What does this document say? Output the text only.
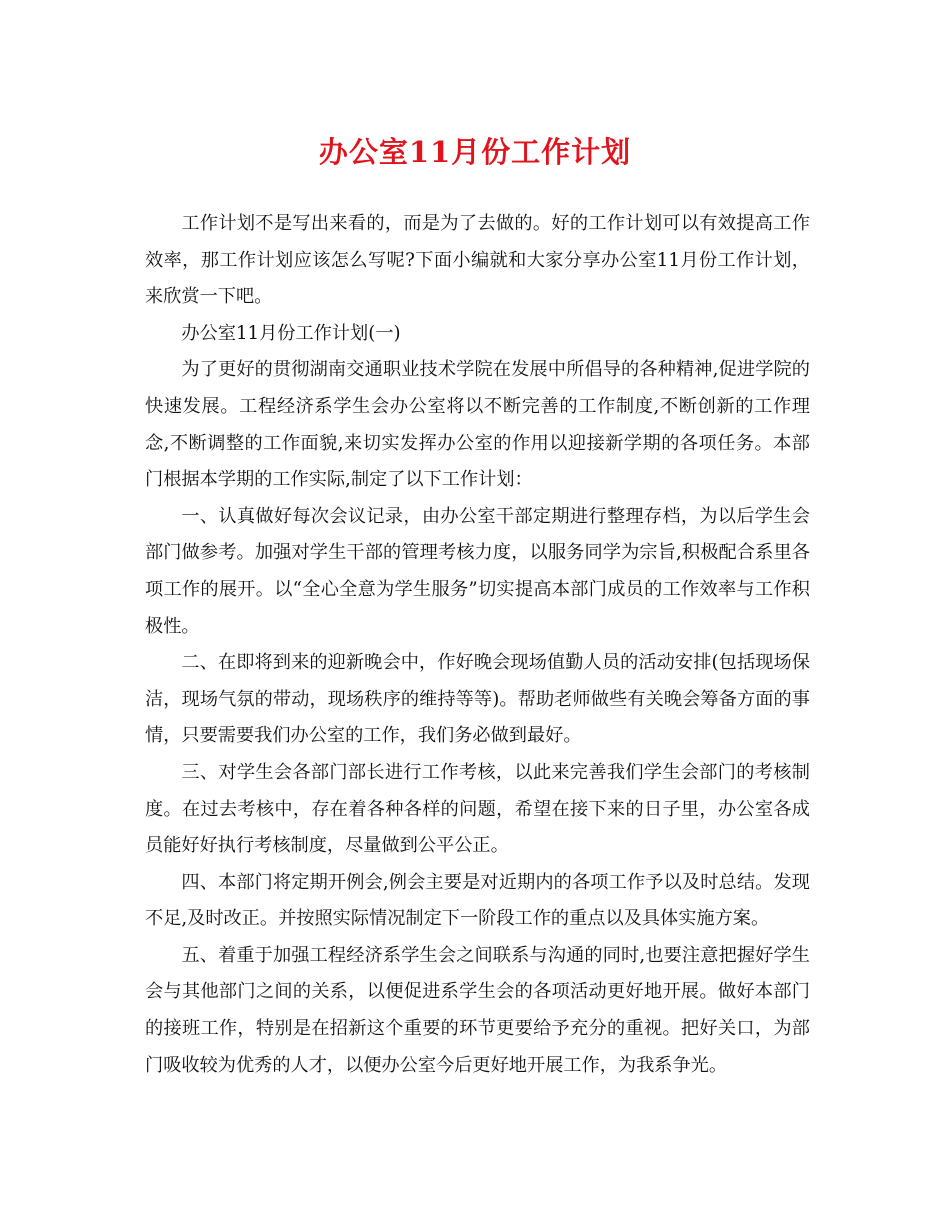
办公室11月份工作计划

工作计划不是写出来看的，而是为了去做的。好的工作计划可以有效提高工作效率，那工作计划应该怎么写呢?下面小编就和大家分享办公室11月份工作计划，来欣赏一下吧。

办公室11月份工作计划(一)

为了更好的贯彻湖南交通职业技术学院在发展中所倡导的各种精神,促进学院的快速发展。工程经济系学生会办公室将以不断完善的工作制度,不断创新的工作理念,不断调整的工作面貌,来切实发挥办公室的作用以迎接新学期的各项任务。本部门根据本学期的工作实际,制定了以下工作计划：

一、认真做好每次会议记录，由办公室干部定期进行整理存档，为以后学生会部门做参考。加强对学生干部的管理考核力度，以服务同学为宗旨,积极配合系里各项工作的展开。以“全心全意为学生服务”切实提高本部门成员的工作效率与工作积极性。

二、在即将到来的迎新晚会中，作好晚会现场值勤人员的活动安排(包括现场保洁，现场气氛的带动，现场秩序的维持等等)。帮助老师做些有关晚会筹备方面的事情，只要需要我们办公室的工作，我们务必做到最好。

三、对学生会各部门部长进行工作考核，以此来完善我们学生会部门的考核制度。在过去考核中，存在着各种各样的问题，希望在接下来的日子里，办公室各成员能好好执行考核制度，尽量做到公平公正。

四、本部门将定期开例会,例会主要是对近期内的各项工作予以及时总结。发现不足,及时改正。并按照实际情况制定下一阶段工作的重点以及具体实施方案。

五、着重于加强工程经济系学生会之间联系与沟通的同时,也要注意把握好学生会与其他部门之间的关系，以便促进系学生会的各项活动更好地开展。做好本部门的接班工作，特别是在招新这个重要的环节更要给予充分的重视。把好关口，为部门吸收较为优秀的人才，以便办公室今后更好地开展工作，为我系争光。
